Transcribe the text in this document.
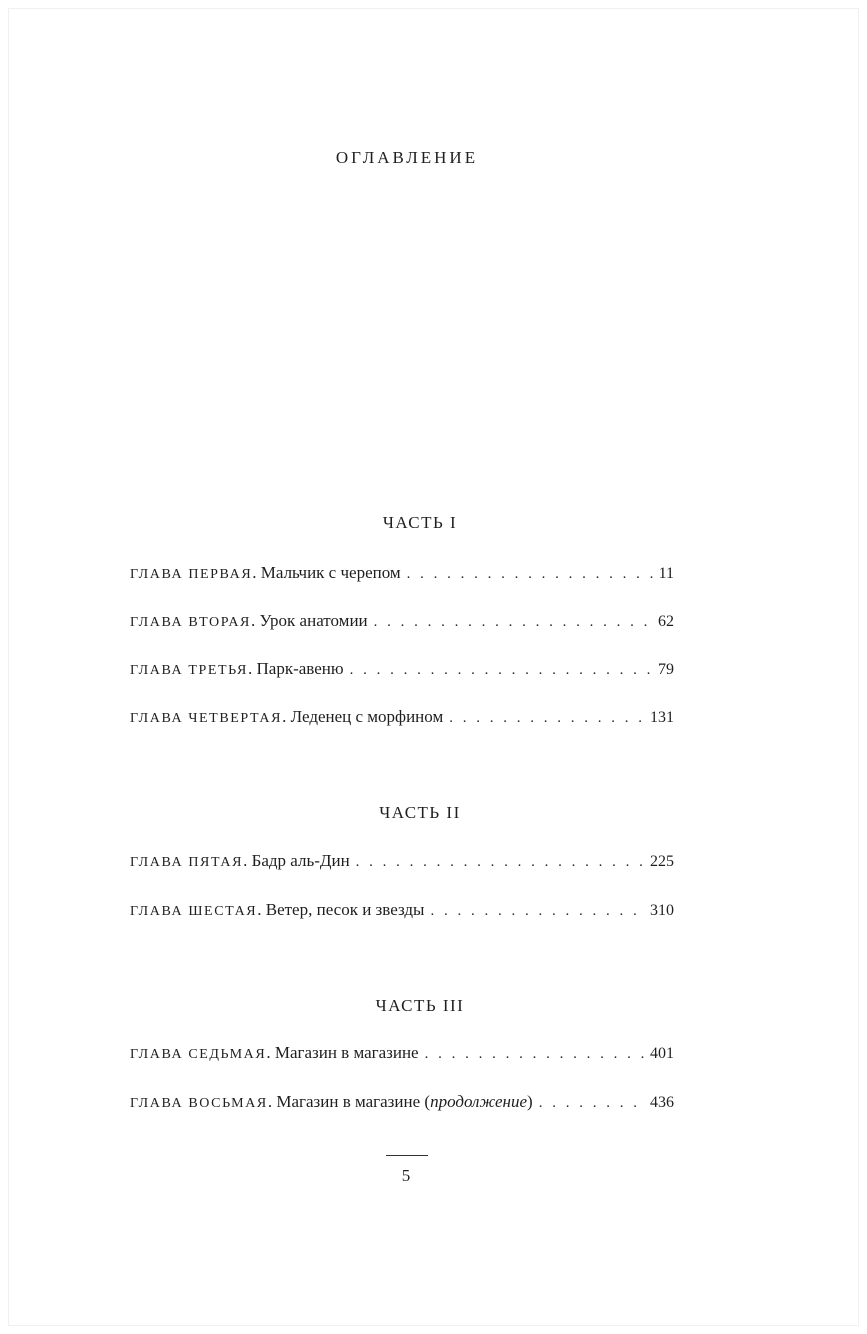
ОГЛАВЛЕНИЕ
ЧАСТЬ I
ГЛАВА ПЕРВАЯ . Мальчик с черепом . . .	11
ГЛАВА ВТОРАЯ . Урок анатомии . . .	62
ГЛАВА ТРЕТЬЯ . Парк-авеню . . .	79
ГЛАВА ЧЕТВЕРТАЯ . Леденец с морфином . . .	131
ЧАСТЬ II
ГЛАВА ПЯТАЯ . Бадр аль-Дин . . .	225
ГЛАВА ШЕСТАЯ . Ветер, песок и звезды . . .	310
ЧАСТЬ III
ГЛАВА СЕДЬМАЯ . Магазин в магазине . . .	401
ГЛАВА ВОСЬМАЯ . Магазин в магазине (продолжение) . . .	436
5
